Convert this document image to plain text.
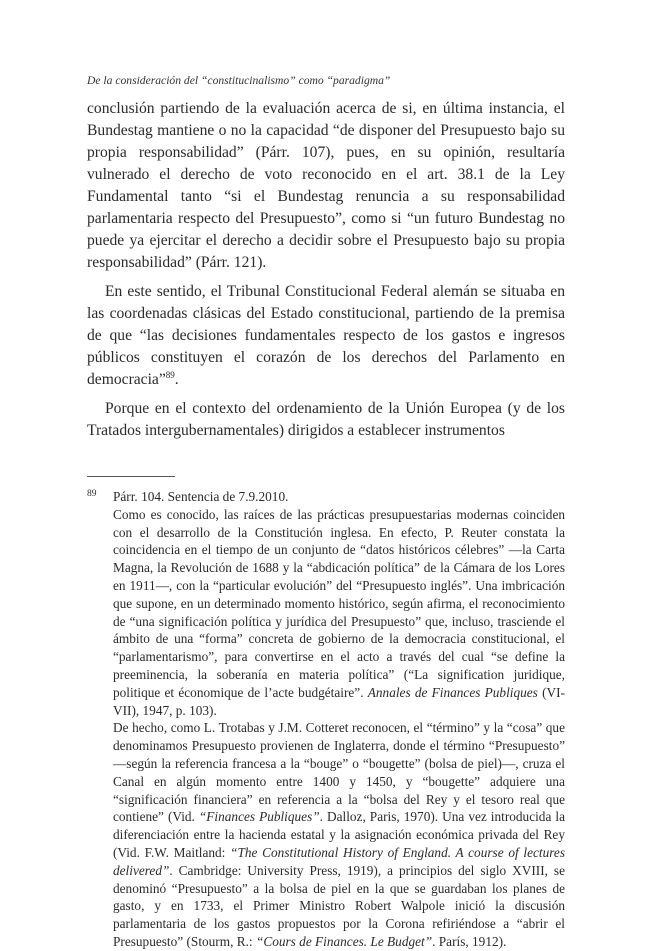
De la consideración del “constitucinalismo” como “paradigma”

conclusión partiendo de la evaluación acerca de si, en última instancia, el Bundestag mantiene o no la capacidad “de disponer del Presupuesto bajo su propia responsabilidad” (Párr. 107), pues, en su opinión, resultaría vulnerado el derecho de voto reconocido en el art. 38.1 de la Ley Fundamental tanto “si el Bundestag renuncia a su responsabilidad parlamentaria respecto del Presupuesto”, como si “un futuro Bundestag no puede ya ejercitar el derecho a decidir sobre el Presupuesto bajo su propia responsabilidad” (Párr. 121).

En este sentido, el Tribunal Constitucional Federal alemán se situaba en las coordenadas clásicas del Estado constitucional, partiendo de la premisa de que “las decisiones fundamentales respecto de los gastos e ingresos públicos constituyen el corazón de los derechos del Parlamento en democracia”$^{89}$.

Porque en el contexto del ordenamiento de la Unión Europea (y de los Tratados intergubernamentales) dirigidos a establecer instrumentos

89 Párr. 104. Sentencia de 7.9.2010.

Como es conocido, las raíces de las prácticas presupuestarias modernas coinciden con el desarrollo de la Constitución inglesa. En efecto, P. Reuter constata la coincidencia en el tiempo de un conjunto de “datos históricos célebres” —la Carta Magna, la Revolución de 1688 y la “abdicación política” de la Cámara de los Lores en 1911—, con la “particular evolución” del “Presupuesto inglés”. Una imbricación que supone, en un determinado momento histórico, según afirma, el reconocimiento de “una significación política y jurídica del Presupuesto” que, incluso, trasciende el ámbito de una “forma” concreta de gobierno de la democracia constitucional, el “parlamentarismo”, para convertirse en el acto a través del cual “se define la preeminencia, la soberanía en materia política” (“La signification juridique, politique et économique de l’acte budgétaire”. Annales de Finances Publiques (VI-VII), 1947, p. 103).

De hecho, como L. Trotabas y J.M. Cotteret reconocen, el “término” y la “cosa” que denominamos Presupuesto provienen de Inglaterra, donde el término “Presupuesto” —según la referencia francesa a la “bouge” o “bougette” (bolsa de piel)—, cruza el Canal en algún momento entre 1400 y 1450, y “bougette” adquiere una “significación financiera” en referencia a la “bolsa del Rey y el tesoro real que contiene” (Vid. “Finances Publiques”. Dalloz, Paris, 1970). Una vez introducida la diferenciación entre la hacienda estatal y la asignación económica privada del Rey (Vid. F.W. Maitland: “The Constitutional History of England. A course of lectures delivered”. Cambridge: University Press, 1919), a principios del siglo XVIII, se denominó “Presupuesto” a la bolsa de piel en la que se guardaban los planes de gasto, y en 1733, el Primer Ministro Robert Walpole inició la discusión parlamentaria de los gastos propuestos por la Corona refiriéndose a “abrir el Presupuesto” (Stourm, R.: “Cours de Finances. Le Budget”. París, 1912).
